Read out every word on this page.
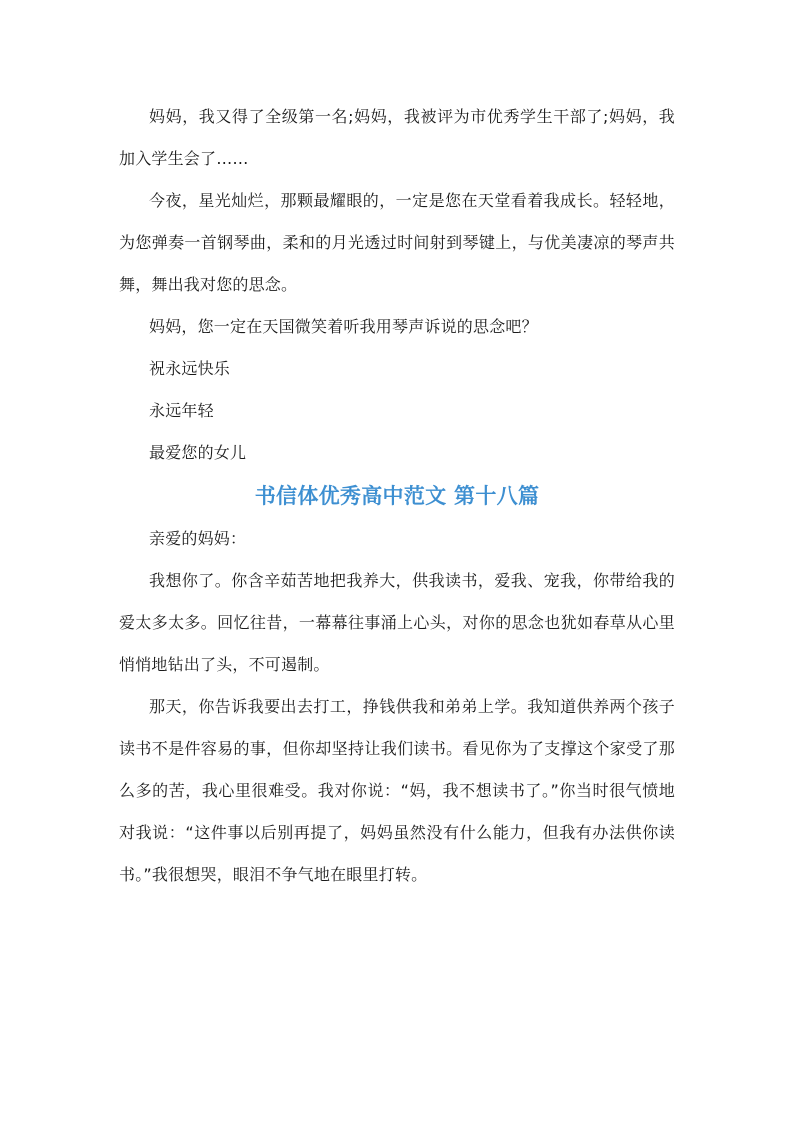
妈妈，我又得了全级第一名;妈妈，我被评为市优秀学生干部了;妈妈，我加入学生会了……

今夜，星光灿烂，那颗最耀眼的，一定是您在天堂看着我成长。轻轻地，为您弹奏一首钢琴曲，柔和的月光透过时间射到琴键上，与优美凄凉的琴声共舞，舞出我对您的思念。

妈妈，您一定在天国微笑着听我用琴声诉说的思念吧？

祝永远快乐

永远年轻

最爱您的女儿

书信体优秀高中范文 第十八篇

亲爱的妈妈：

我想你了。你含辛茹苦地把我养大，供我读书，爱我、宠我，你带给我的爱太多太多。回忆往昔，一幕幕往事涌上心头，对你的思念也犹如春草从心里悄悄地钻出了头，不可遏制。

那天，你告诉我要出去打工，挣钱供我和弟弟上学。我知道供养两个孩子读书不是件容易的事，但你却坚持让我们读书。看见你为了支撑这个家受了那么多的苦，我心里很难受。我对你说：“妈，我不想读书了。”你当时很气愤地对我说：“这件事以后别再提了，妈妈虽然没有什么能力，但我有办法供你读书。”我很想哭，眼泪不争气地在眼里打转。
